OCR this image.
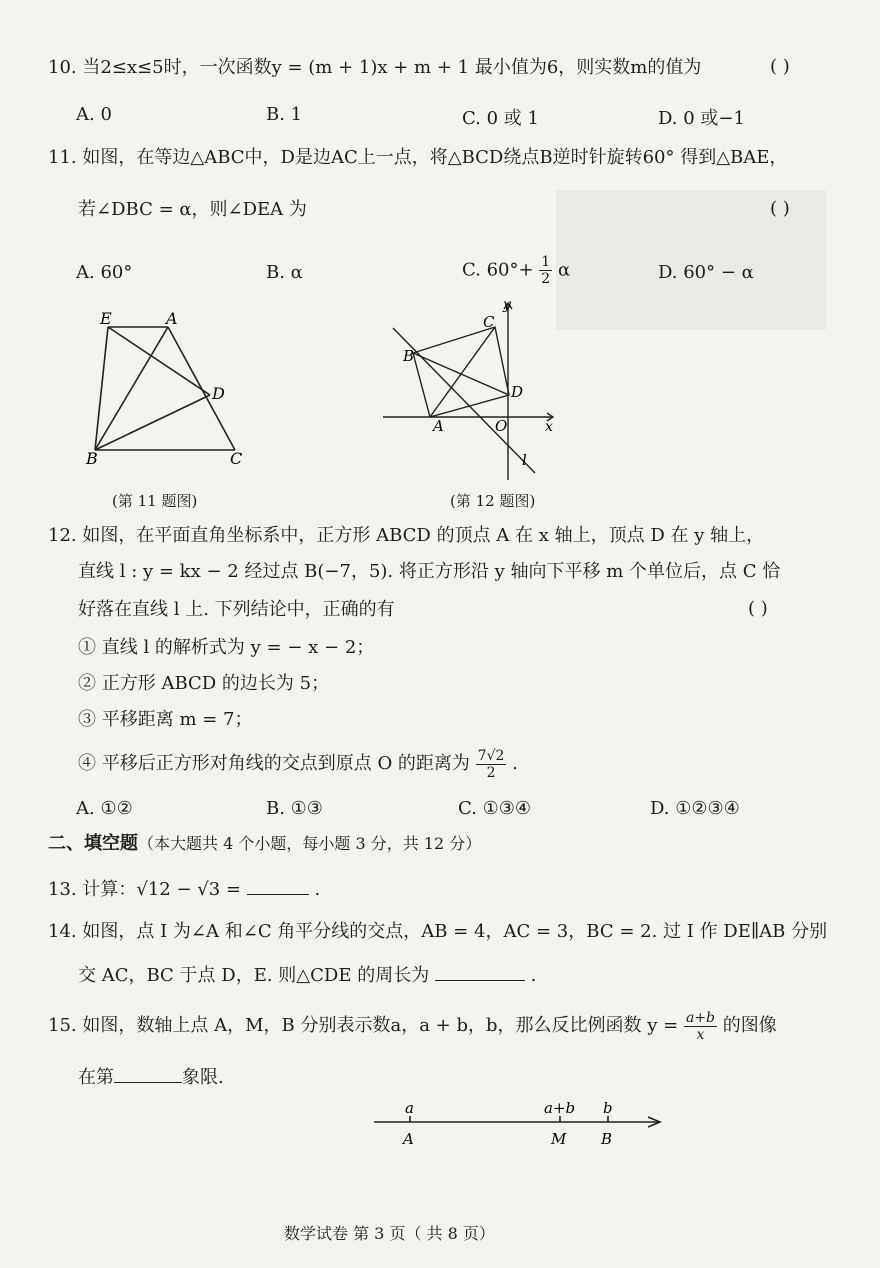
10. 当2≤x≤5时，一次函数y = (m + 1)x + m + 1 最小值为6，则实数m的值为	( )
A. 0	B. 1	C. 0 或 1	D. 0 或−1
11. 如图，在等边△ABC中，D是边AC上一点，将△BCD绕点B逆时针旋转60° 得到△BAE，
若∠DBC = α，则∠DEA 为	( )
A. 60°	B. α	C. $60^\circ+ \frac{1}{2}$ α	D. 60° − α
E	A
D
B	C
(第 11 题图)
y
C
B
D
A	O	x
l
(第 12 题图)
12. 如图，在平面直角坐标系中，正方形 ABCD 的顶点 A 在 x 轴上，顶点 D 在 y 轴上，
直线 l : y = kx − 2 经过点 B(−7，5). 将正方形沿 y 轴向下平移 m 个单位后，点 C 恰
好落在直线 l 上. 下列结论中，正确的有	( )
① 直线 l 的解析式为 y = − x − 2；
② 正方形 ABCD 的边长为 5；
③ 平移距离 m = 7；
④ 平移后正方形对角线的交点到原点 O 的距离为 $\frac{7√2}{2}$ .
A. ①②	B. ①③	C. ①③④	D. ①②③④
二、填空题（本大题共 4 个小题，每小题 3 分，共 12 分）
13. 计算：√12 − √3 =	.
14. 如图，点 I 为∠A 和∠C 角平分线的交点，AB = 4，AC = 3，BC = 2. 过 I 作 DE∥AB 分别
交 AC，BC 于点 D，E. 则△CDE 的周长为	.
15. 如图，数轴上点 A，M，B 分别表示数a，a + b，b，那么反比例函数 $y = \frac{a+b}{x}$ 的图像
在第	象限.
a	a+b b
A	M B
数学试卷 第 3 页（ 共 8 页）
